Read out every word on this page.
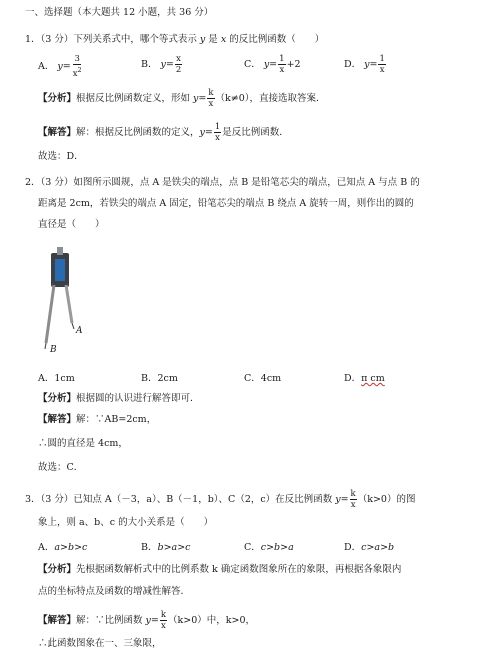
一、选择题（本大题共 12 小题，共 36 分）
1．（3 分）下列关系式中，哪个等式表示 y 是 x 的反比例函数（　　）
A． $y= \frac{3}{x^2}$	B． $y= \frac{x}{2}$	C． $y= \frac{1}{x} +2$	D． $y= \frac{1}{x}$
【分析】根据反比例函数定义，形如 $y= \frac{k}{x} (k\ne 0)$，直接选取答案．
【解答】解：根据反比例函数的定义，$y= \frac{1}{x}$ 是反比例函数．
故选：D．
2．（3 分）如图所示圆规，点 A 是铁尖的端点，点 B 是铅笔芯尖的端点，已知点 A 与点 B 的
距离是 2cm，若铁尖的端点 A 固定，铅笔芯尖的端点 B 绕点 A 旋转一周，则作出的圆的
直径是（　　）
A
B
A．1cm	B．2cm	C．4cm	D．π cm
【分析】根据圆的认识进行解答即可．
【解答】解：∵AB=2cm，
∴圆的直径是 4cm，
故选：C．
3．（3 分）已知点 A（－3，a）、B（－1，b）、C（2，c）在反比例函数 $y= \frac{k}{x} (k>0)$的图
象上，则 a、b、c 的大小关系是（　　）
A．a>b>c	B．b>a>c	C．c>b>a	D．c>a>b
【分析】先根据函数解析式中的比例系数 k 确定函数图象所在的象限，再根据各象限内
点的坐标特点及函数的增减性解答．
【解答】解：∵比例函数 $y= \frac{k}{x} (k>0)$中，k>0，
∴此函数图象在一、三象限，
